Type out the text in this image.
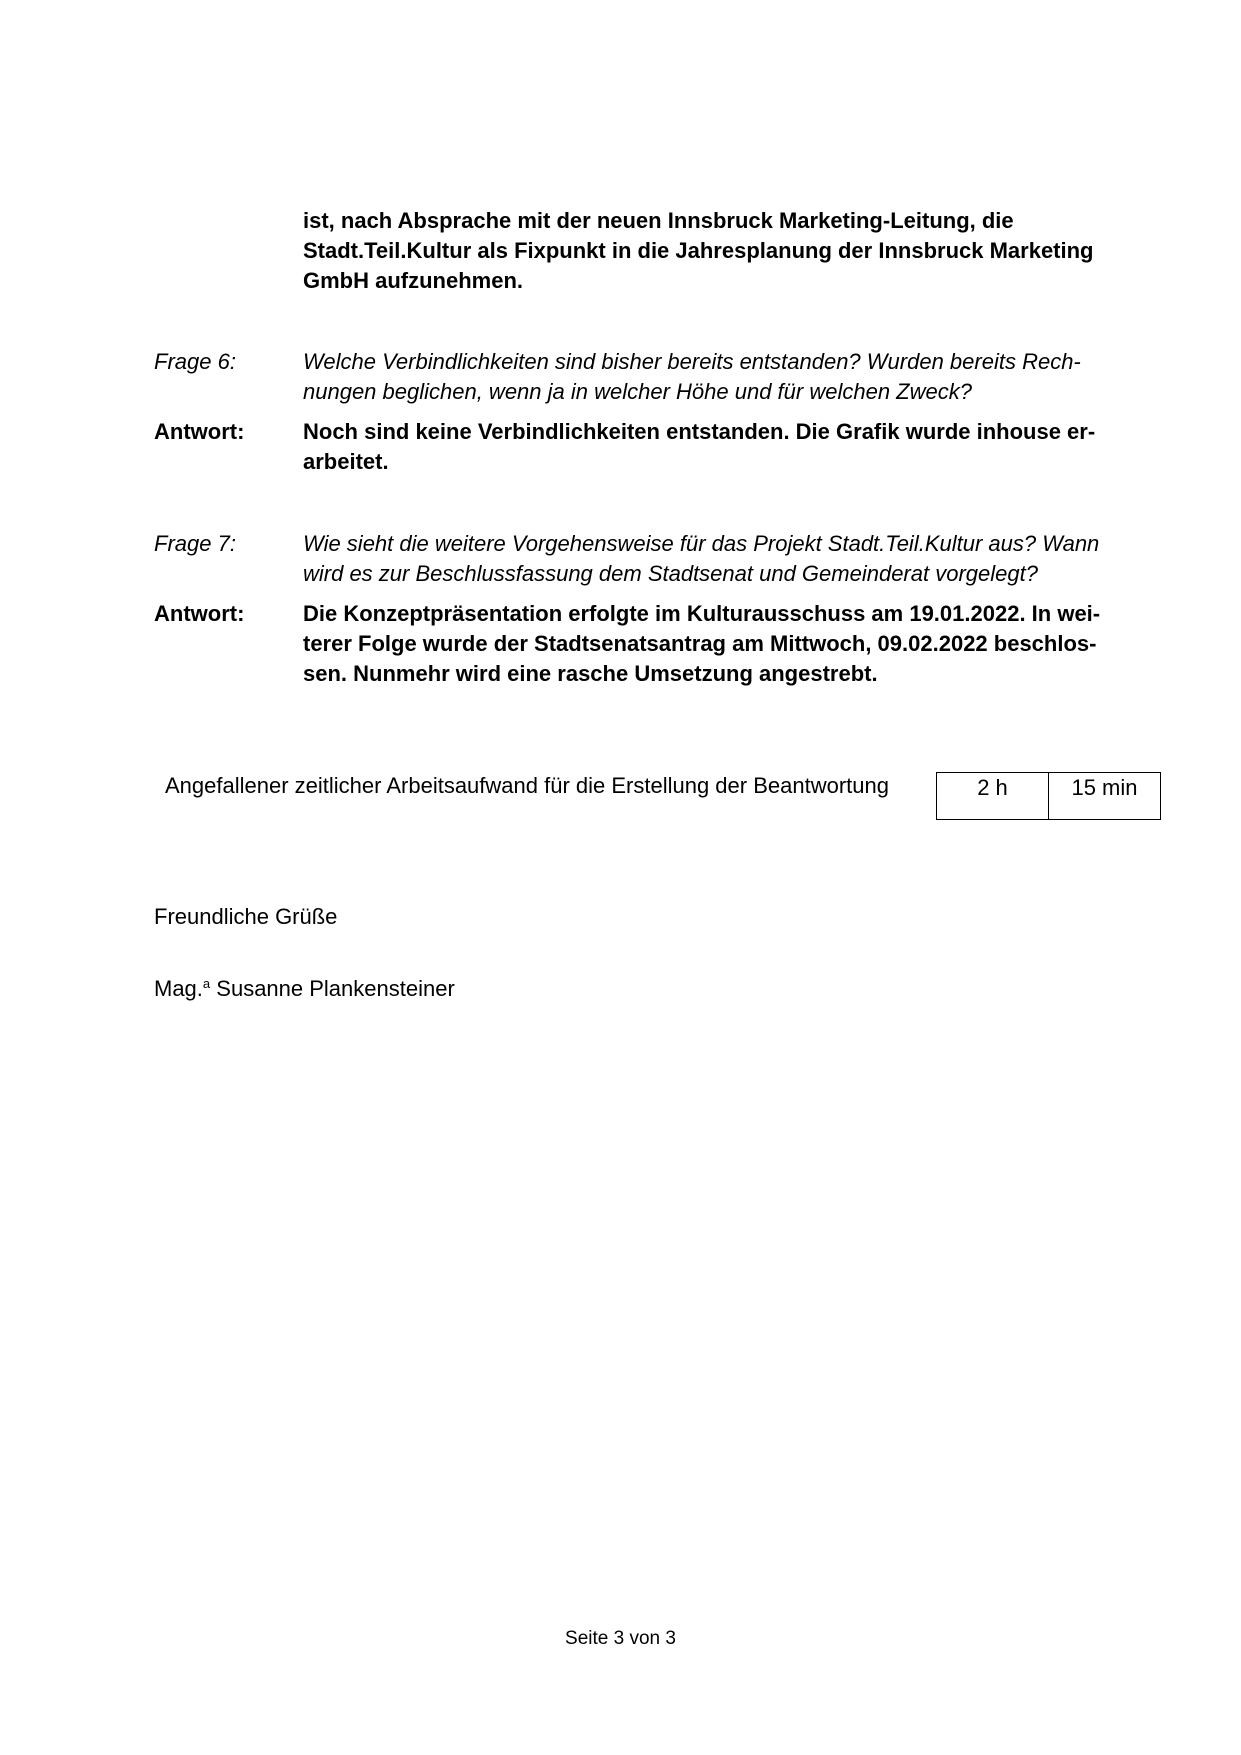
ist, nach Absprache mit der neuen Innsbruck Marketing-Leitung, die
Stadt.Teil.Kultur als Fixpunkt in die Jahresplanung der Innsbruck Marketing
GmbH aufzunehmen.
Frage 6:	Welche Verbindlichkeiten sind bisher bereits entstanden? Wurden bereits Rech-
nungen beglichen, wenn ja in welcher Höhe und für welchen Zweck?
Antwort:	Noch sind keine Verbindlichkeiten entstanden. Die Grafik wurde inhouse er-
arbeitet.
Frage 7:	Wie sieht die weitere Vorgehensweise für das Projekt Stadt.Teil.Kultur aus? Wann
wird es zur Beschlussfassung dem Stadtsenat und Gemeinderat vorgelegt?
Antwort:	Die Konzeptpräsentation erfolgte im Kulturausschuss am 19.01.2022. In wei-
terer Folge wurde der Stadtsenatsantrag am Mittwoch, 09.02.2022 beschlos-
sen. Nunmehr wird eine rasche Umsetzung angestrebt.
Angefallener zeitlicher Arbeitsaufwand für die Erstellung der Beantwortung	2 h	15 min
Freundliche Grüße
Mag.$^a$ Susanne Plankensteiner
Seite 3 von 3
